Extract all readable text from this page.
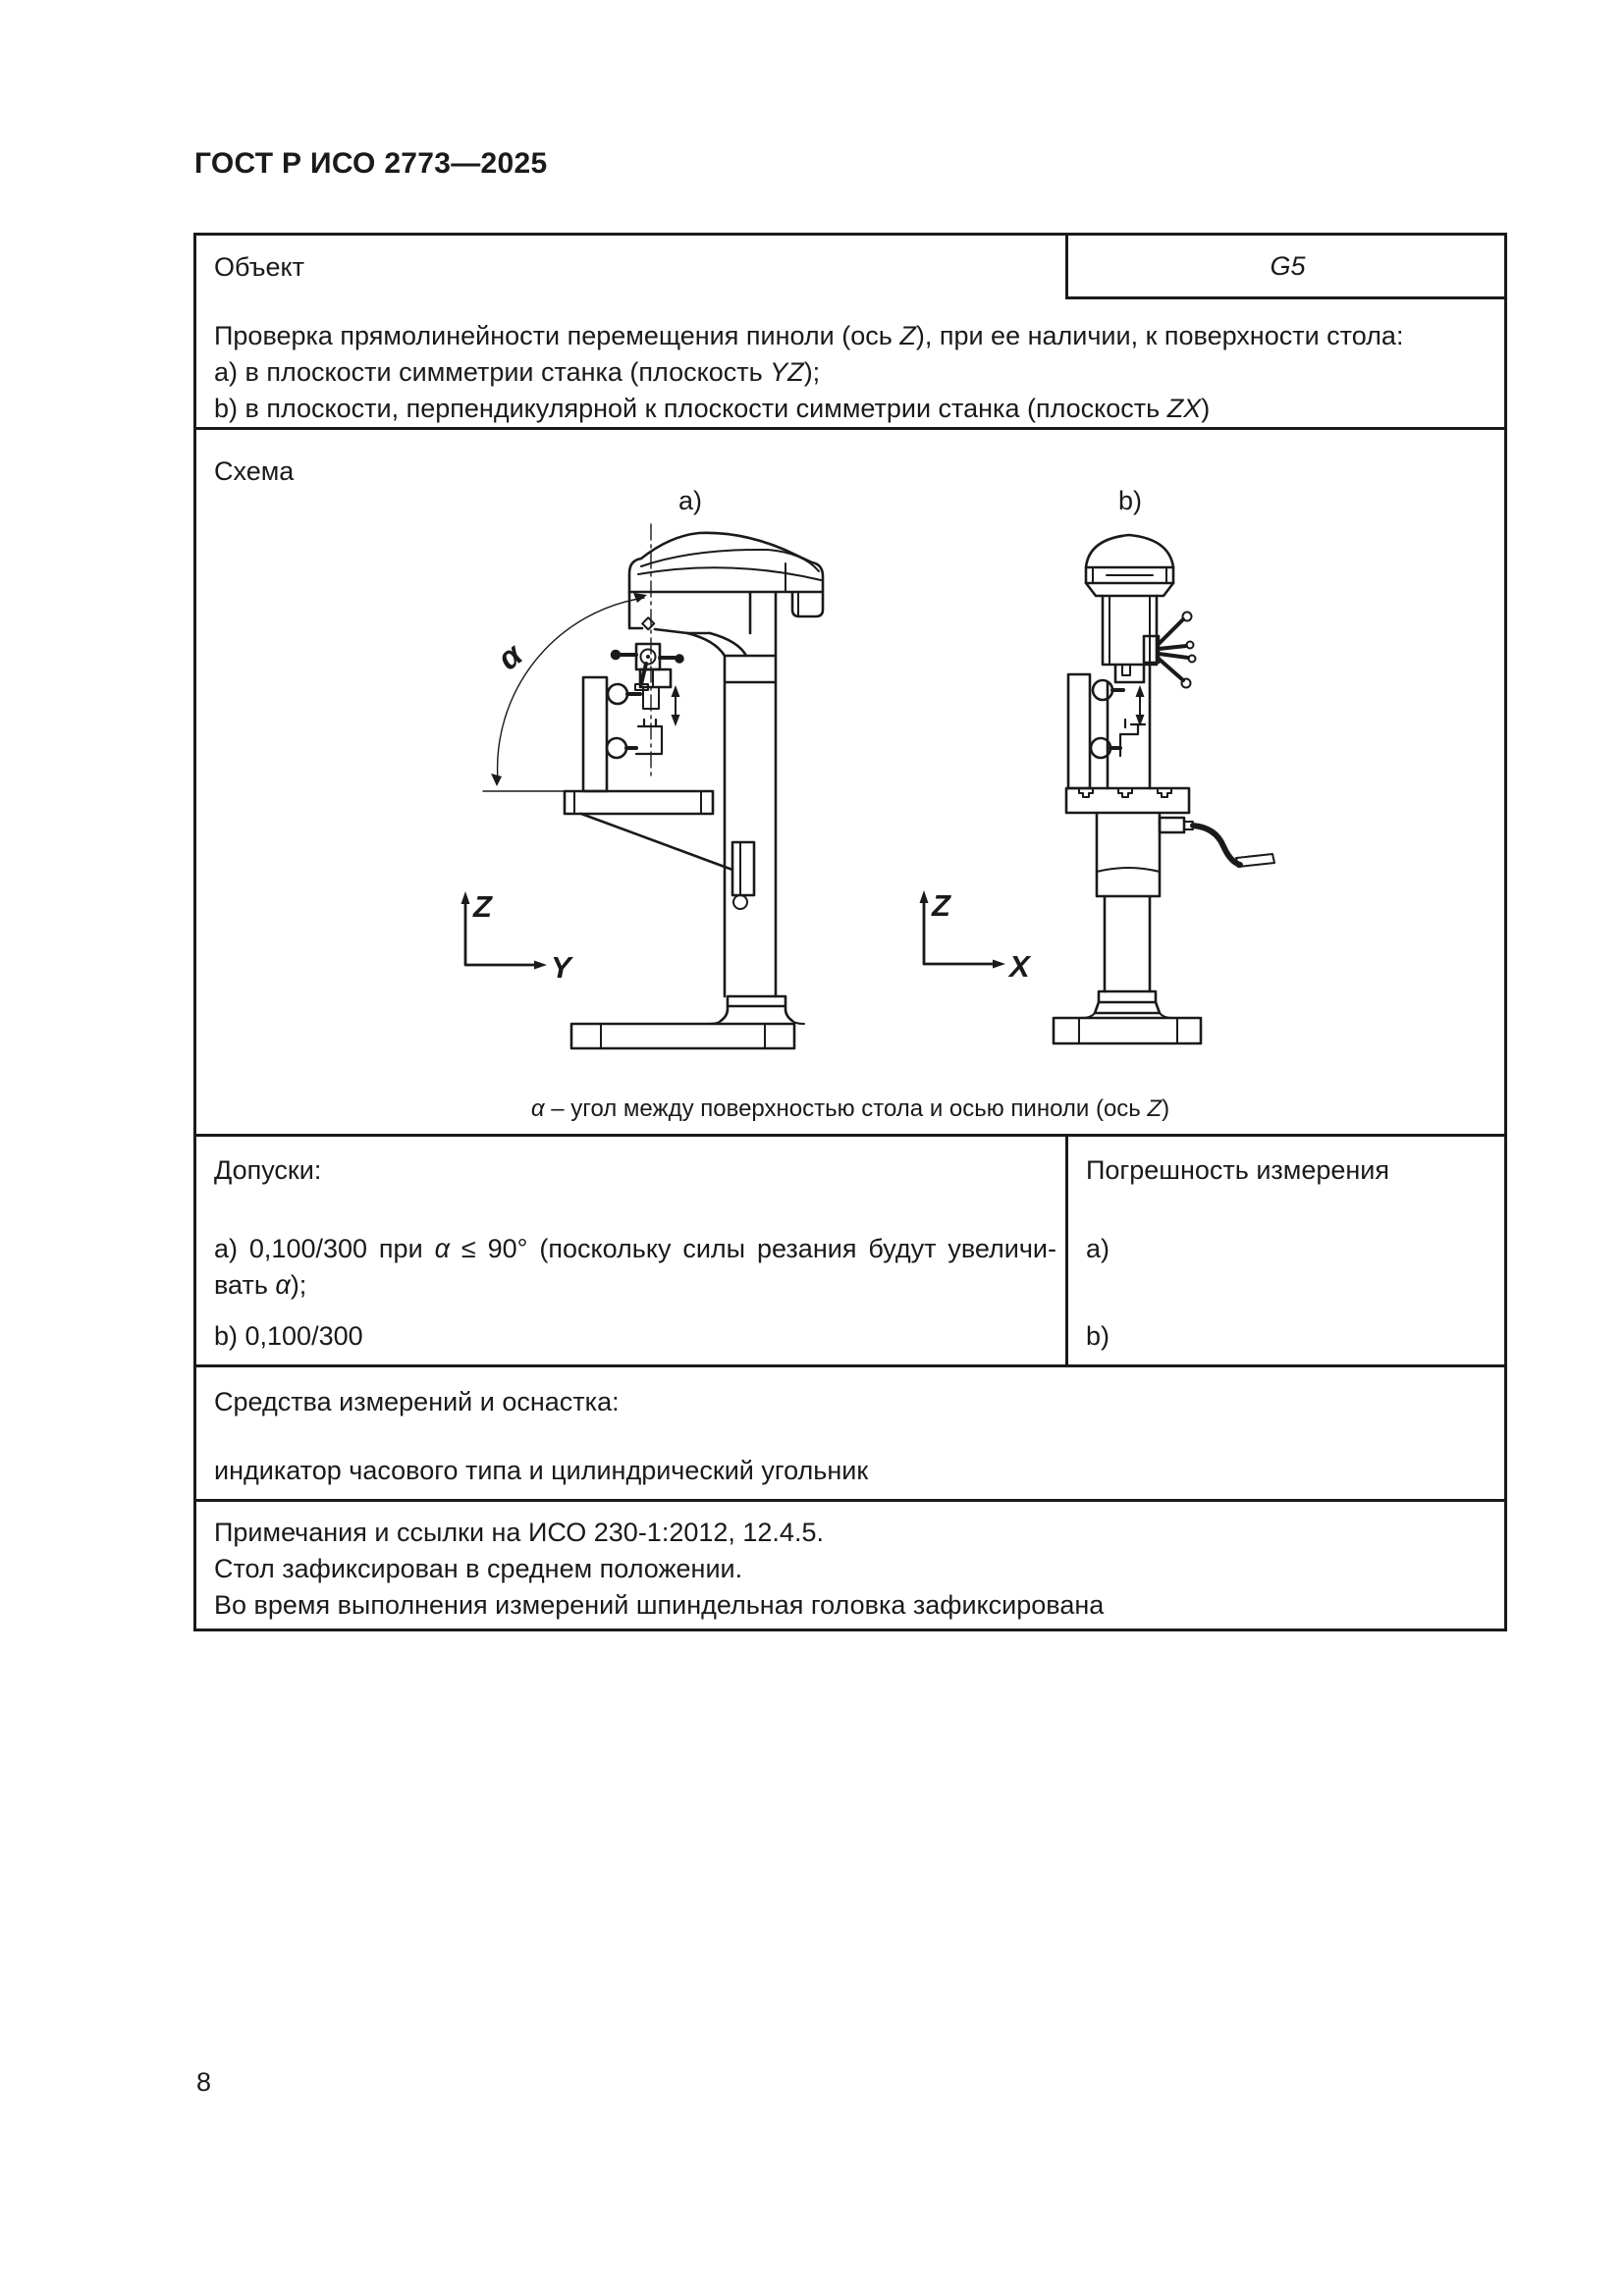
ГОСТ Р ИСО 2773—2025
Объект	G5
Проверка прямолинейности перемещения пиноли (ось Z), при ее наличии, к поверхности стола:
a) в плоскости симметрии станка (плоскость YZ);
b) в плоскости, перпендикулярной к плоскости симметрии станка (плоскость ZX)
Схема
a)	b)
Z
Y
α
Z
X
α – угол между поверхностью стола и осью пиноли (ось Z)
Допуски:
a) 0,100/300 при α ≤ 90° (поскольку силы резания будут увеличи-
вать α);
b) 0,100/300
Погрешность измерения
a)
b)
Средства измерений и оснастка:
индикатор часового типа и цилиндрический угольник
Примечания и ссылки на ИСО 230-1:2012, 12.4.5.
Стол зафиксирован в среднем положении.
Во время выполнения измерений шпиндельная головка зафиксирована
8
